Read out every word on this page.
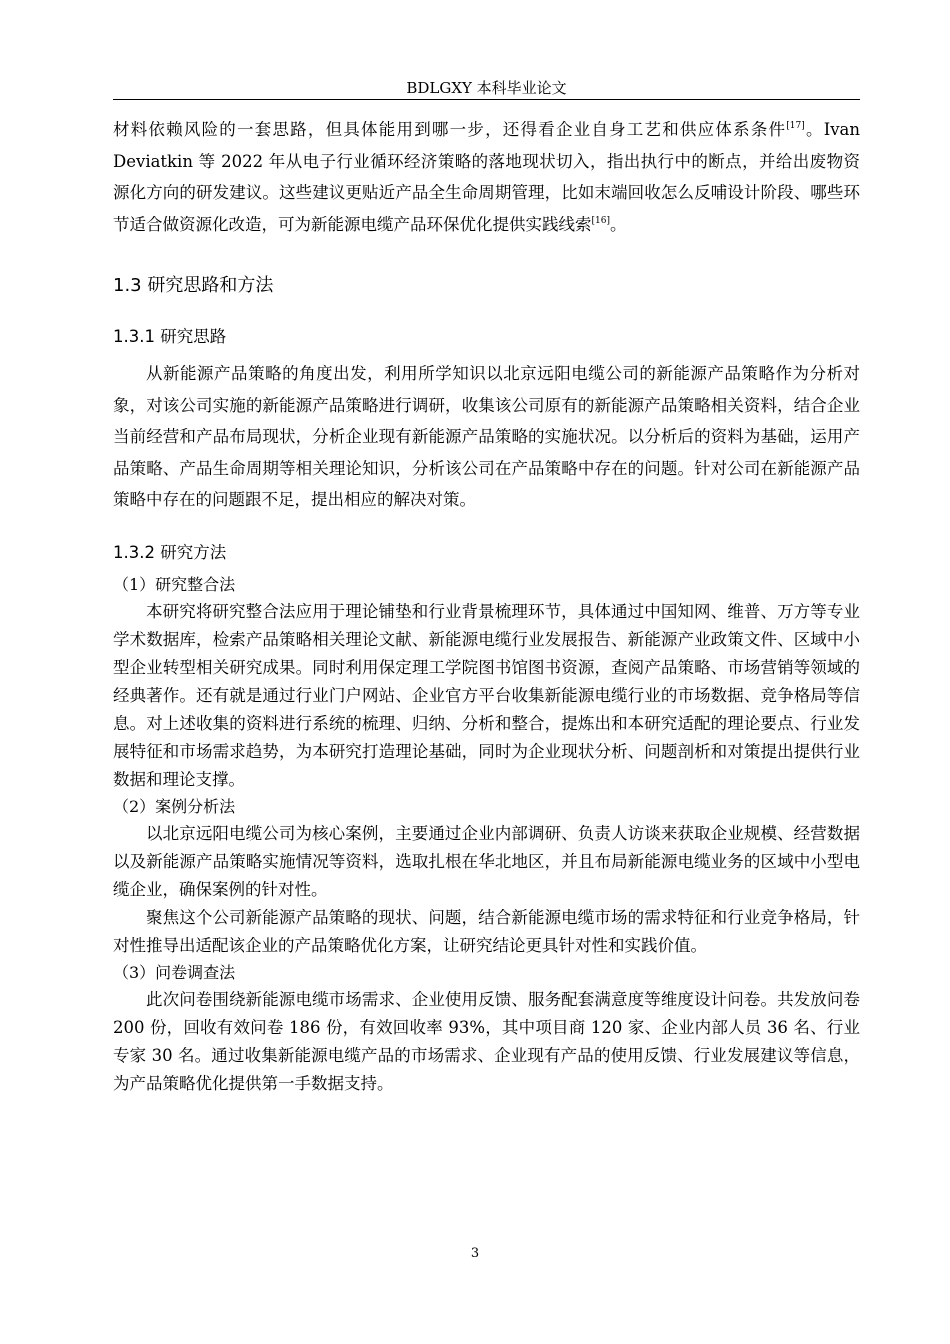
BDLGXY 本科毕业论文

材料依赖风险的一套思路，但具体能用到哪一步，还得看企业自身工艺和供应体系条件[17]。Ivan Deviatkin 等 2022 年从电子行业循环经济策略的落地现状切入，指出执行中的断点，并给出废物资源化方向的研发建议。这些建议更贴近产品全生命周期管理，比如末端回收怎么反哺设计阶段、哪些环节适合做资源化改造，可为新能源电缆产品环保优化提供实践线索[16]。

1.3 研究思路和方法
1.3.1 研究思路

从新能源产品策略的角度出发，利用所学知识以北京远阳电缆公司的新能源产品策略作为分析对象，对该公司实施的新能源产品策略进行调研，收集该公司原有的新能源产品策略相关资料，结合企业当前经营和产品布局现状，分析企业现有新能源产品策略的实施状况。以分析后的资料为基础，运用产品策略、产品生命周期等相关理论知识，分析该公司在产品策略中存在的问题。针对公司在新能源产品策略中存在的问题跟不足，提出相应的解决对策。

1.3.2 研究方法

（1）研究整合法

本研究将研究整合法应用于理论铺垫和行业背景梳理环节，具体通过中国知网、维普、万方等专业学术数据库，检索产品策略相关理论文献、新能源电缆行业发展报告、新能源产业政策文件、区域中小型企业转型相关研究成果。同时利用保定理工学院图书馆图书资源，查阅产品策略、市场营销等领域的经典著作。还有就是通过行业门户网站、企业官方平台收集新能源电缆行业的市场数据、竞争格局等信息。对上述收集的资料进行系统的梳理、归纳、分析和整合，提炼出和本研究适配的理论要点、行业发展特征和市场需求趋势，为本研究打造理论基础，同时为企业现状分析、问题剖析和对策提出提供行业数据和理论支撑。

（2）案例分析法

以北京远阳电缆公司为核心案例，主要通过企业内部调研、负责人访谈来获取企业规模、经营数据以及新能源产品策略实施情况等资料，选取扎根在华北地区，并且布局新能源电缆业务的区域中小型电缆企业，确保案例的针对性。

聚焦这个公司新能源产品策略的现状、问题，结合新能源电缆市场的需求特征和行业竞争格局，针对性推导出适配该企业的产品策略优化方案，让研究结论更具针对性和实践价值。

（3）问卷调查法

此次问卷围绕新能源电缆市场需求、企业使用反馈、服务配套满意度等维度设计问卷。共发放问卷 200 份，回收有效问卷 186 份，有效回收率 93%，其中项目商 120 家、企业内部人员 36 名、行业专家 30 名。通过收集新能源电缆产品的市场需求、企业现有产品的使用反馈、行业发展建议等信息，为产品策略优化提供第一手数据支持。

3
